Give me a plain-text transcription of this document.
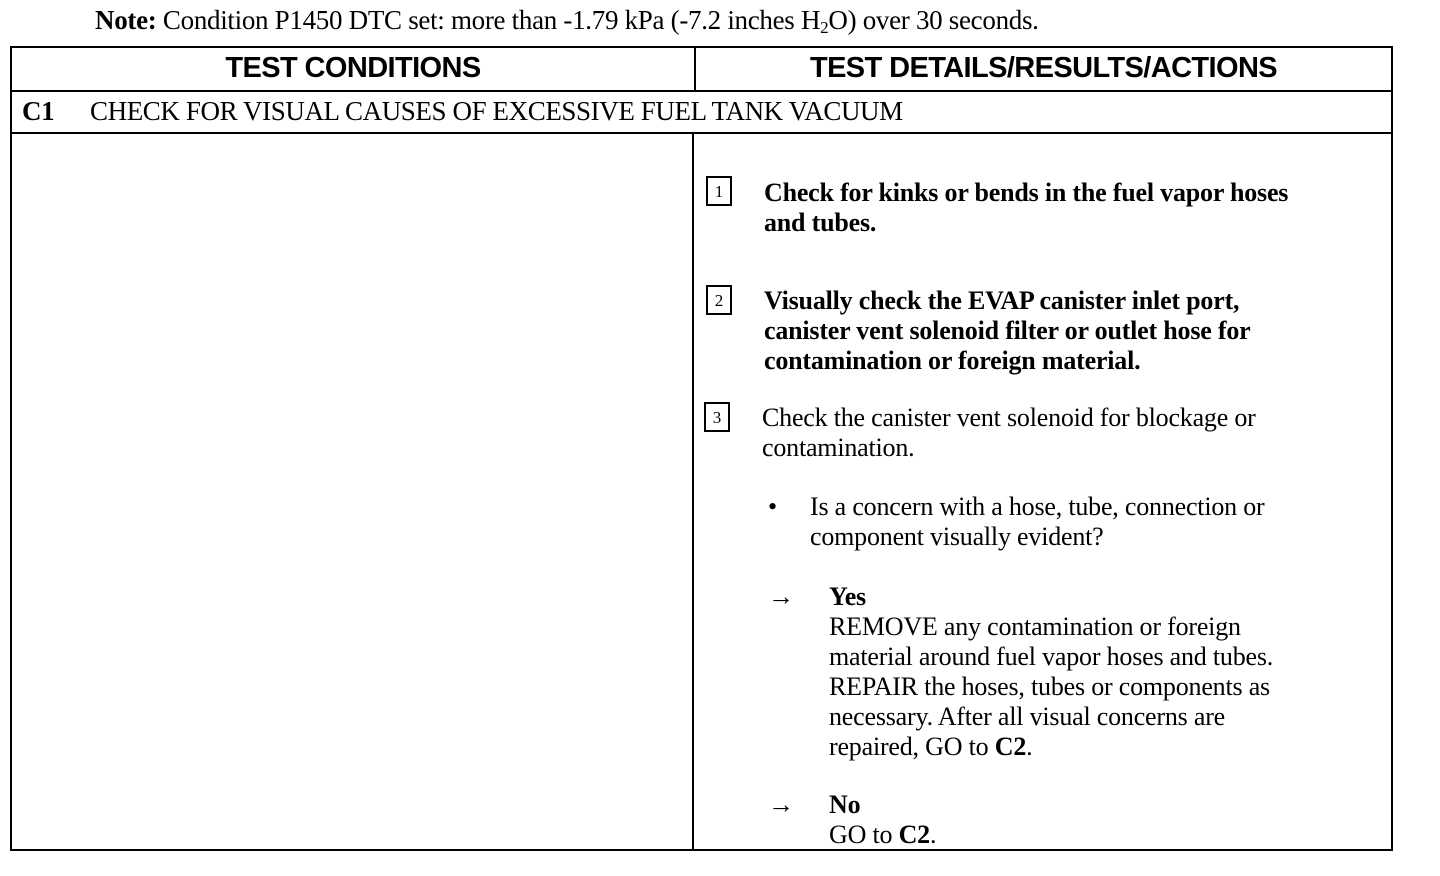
Note: Condition P1450 DTC set: more than -1.79 kPa (-7.2 inches $H_2O$) over 30 seconds.
TEST CONDITIONS	TEST DETAILS/RESULTS/ACTIONS
C1 CHECK FOR VISUAL CAUSES OF EXCESSIVE FUEL TANK VACUUM
1	Check for kinks or bends in the fuel vapor hoses
and tubes.
2	Visually check the EVAP canister inlet port,
canister vent solenoid filter or outlet hose for
contamination or foreign material.
3	Check the canister vent solenoid for blockage or
contamination.
• Is a concern with a hose, tube, connection or
component visually evident?
→ Yes
REMOVE any contamination or foreign
material around fuel vapor hoses and tubes.
REPAIR the hoses, tubes or components as
necessary. After all visual concerns are
repaired, GO to C2.
→ No
GO to C2.
